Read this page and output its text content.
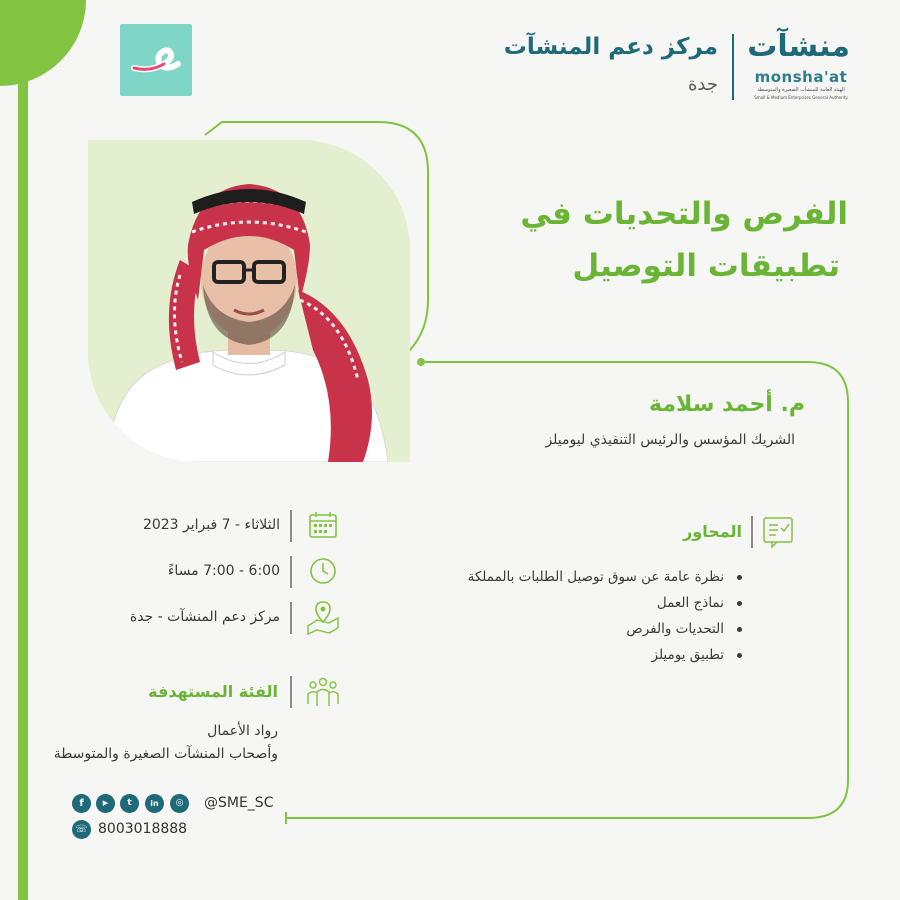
مركز دعم المنشآت
جدة
منشآت
monsha'at
الهيئة العامة للمنشآت الصغيرة والمتوسطة
Small & Medium Enterprises General Authority
الفرص والتحديات في
تطبيقات التوصيل
م. أحمد سلامة
الشريك المؤسس والرئيس التنفيذي ليوميلز
الثلاثاء - 7 فبراير 2023
6:00 - 7:00 مساءً
مركز دعم المنشآت - جدة
المحاور
نظرة عامة عن سوق توصيل الطلبات بالمملكة
نماذج العمل
التحديات والفرص
تطبيق يوميلز
الفئة المستهدفة
رواد الأعمال
وأصحاب المنشآت الصغيرة والمتوسطة
f	▶	t	in	◎	@SME_SC
☏ 8003018888
